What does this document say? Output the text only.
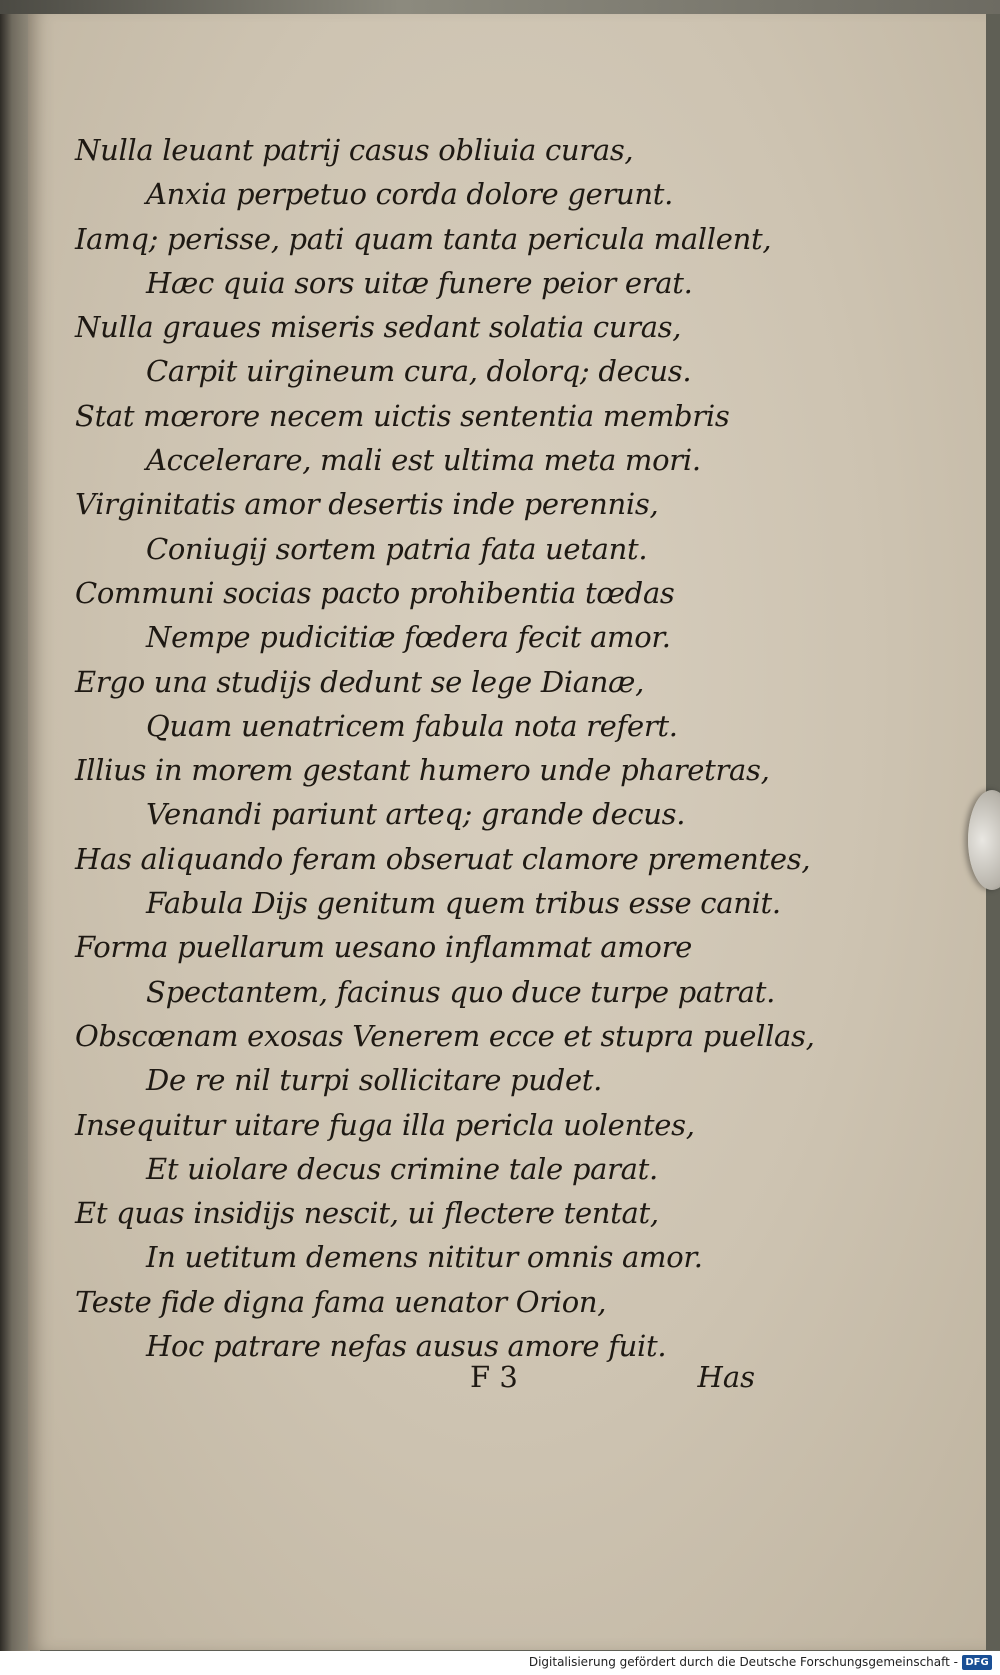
Nulla leuant patrij casus obliuia curas,
Anxia perpetuo corda dolore gerunt.
Iamq; perisse, pati quam tanta pericula mallent,
Hæc quia sors uitæ funere peior erat.
Nulla graues miseris sedant solatia curas,
Carpit uirgineum cura, dolorq; decus.
Stat mœrore necem uictis sententia membris
Accelerare, mali est ultima meta mori.
Virginitatis amor desertis inde perennis,
Coniugij sortem patria fata uetant.
Communi socias pacto prohibentia tœdas
Nempe pudicitiæ fœdera fecit amor.
Ergo una studijs dedunt se lege Dianæ,
Quam uenatricem fabula nota refert.
Illius in morem gestant humero unde pharetras,
Venandi pariunt arteq; grande decus.
Has aliquando feram obseruat clamore prementes,
Fabula Dijs genitum quem tribus esse canit.
Forma puellarum uesano inflammat amore
Spectantem, facinus quo duce turpe patrat.
Obscœnam exosas Venerem ecce et stupra puellas,
De re nil turpi sollicitare pudet.
Insequitur uitare fuga illa pericla uolentes,
Et uiolare decus crimine tale parat.
Et quas insidijs nescit, ui flectere tentat,
In uetitum demens nititur omnis amor.
Teste fide digna fama uenator Orion,
Hoc patrare nefas ausus amore fuit.
F 3	Has
Digitalisierung gefördert durch die Deutsche Forschungsgemeinschaft - DFG
